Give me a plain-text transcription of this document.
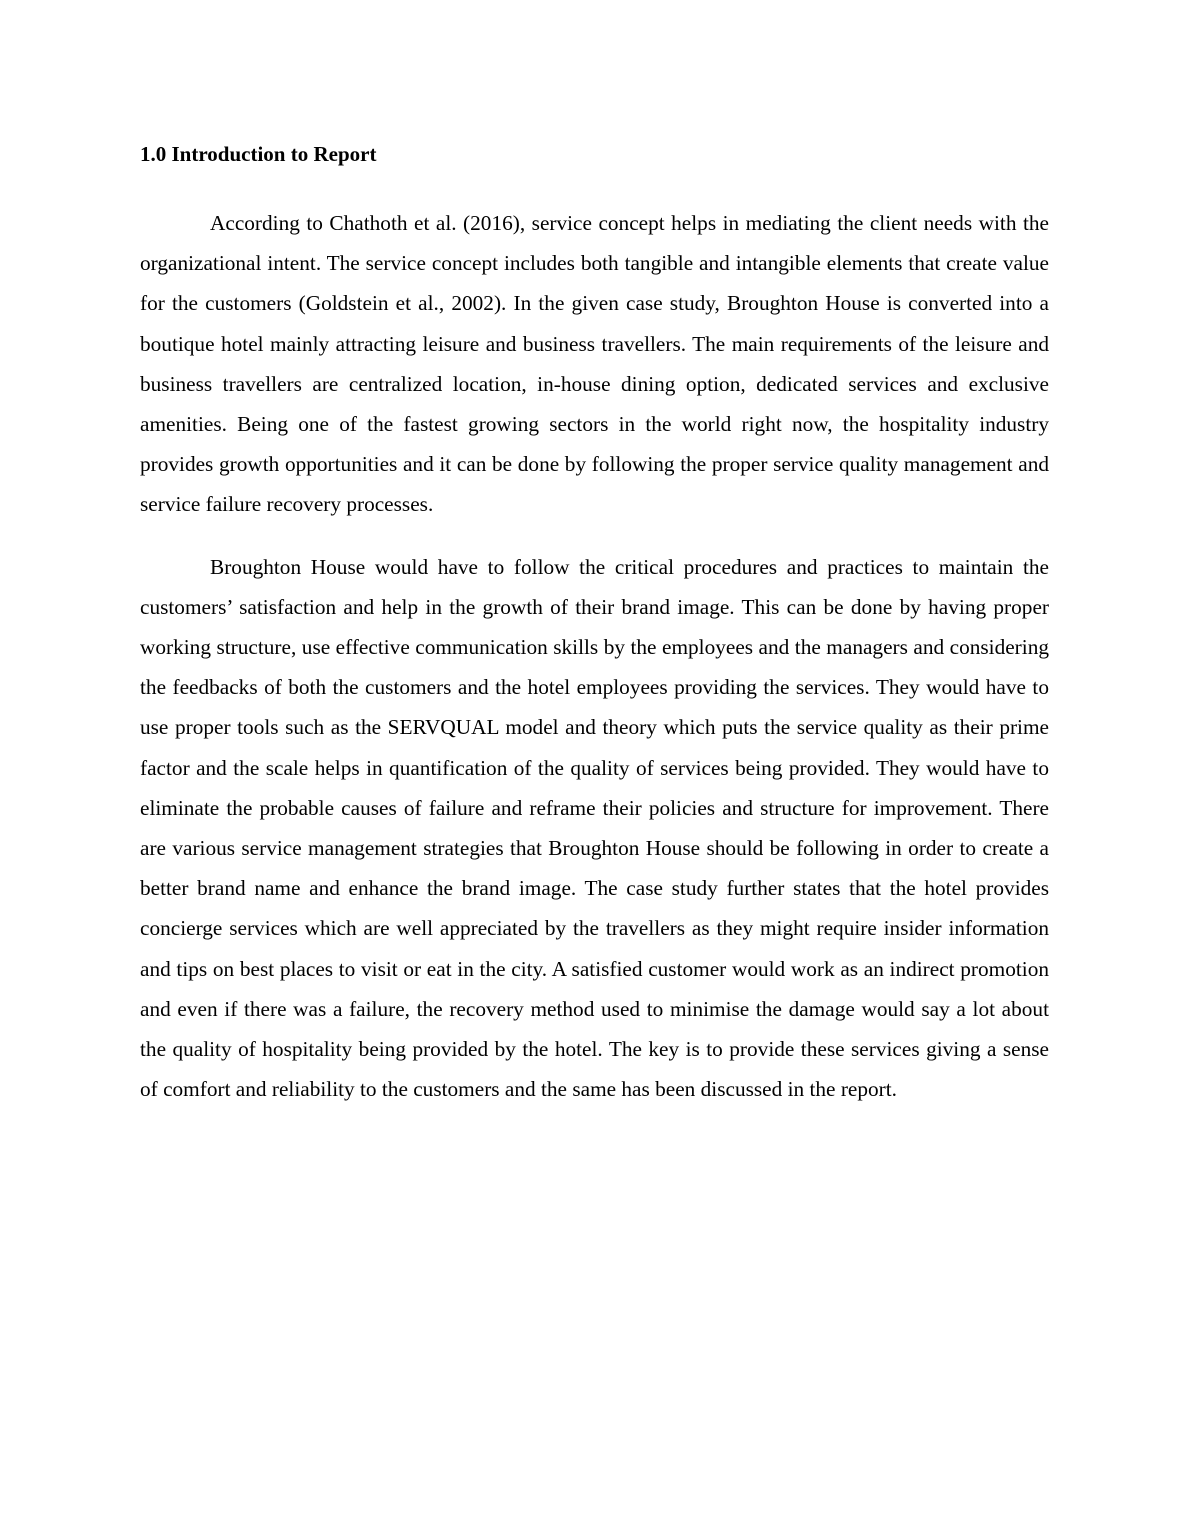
1.0 Introduction to Report

According to Chathoth et al. (2016), service concept helps in mediating the client needs with the organizational intent. The service concept includes both tangible and intangible elements that create value for the customers (Goldstein et al., 2002). In the given case study, Broughton House is converted into a boutique hotel mainly attracting leisure and business travellers. The main requirements of the leisure and business travellers are centralized location, in-house dining option, dedicated services and exclusive amenities. Being one of the fastest growing sectors in the world right now, the hospitality industry provides growth opportunities and it can be done by following the proper service quality management and service failure recovery processes.

Broughton House would have to follow the critical procedures and practices to maintain the customers’ satisfaction and help in the growth of their brand image. This can be done by having proper working structure, use effective communication skills by the employees and the managers and considering the feedbacks of both the customers and the hotel employees providing the services. They would have to use proper tools such as the SERVQUAL model and theory which puts the service quality as their prime factor and the scale helps in quantification of the quality of services being provided. They would have to eliminate the probable causes of failure and reframe their policies and structure for improvement. There are various service management strategies that Broughton House should be following in order to create a better brand name and enhance the brand image. The case study further states that the hotel provides concierge services which are well appreciated by the travellers as they might require insider information and tips on best places to visit or eat in the city. A satisfied customer would work as an indirect promotion and even if there was a failure, the recovery method used to minimise the damage would say a lot about the quality of hospitality being provided by the hotel. The key is to provide these services giving a sense of comfort and reliability to the customers and the same has been discussed in the report.
